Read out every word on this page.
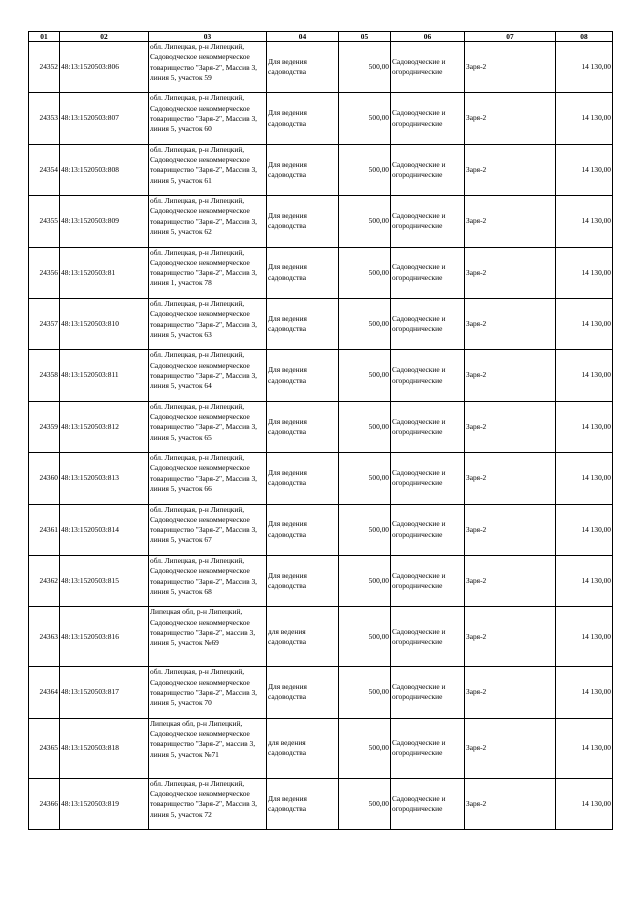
01	02	03	04	05	06	07	08
24352	48:13:1520503:806	обл. Липецкая, р-н Липецкий, Садоводческое некоммерческое товарищество "Заря-2", Массив 3, линия 5, участок 59	Для ведения садоводства	500,00	Садоводческие и огороднические	Заря-2	14 130,00
24353	48:13:1520503:807	обл. Липецкая, р-н Липецкий, Садоводческое некоммерческое товарищество "Заря-2", Массив 3, линия 5, участок 60	Для ведения садоводства	500,00	Садоводческие и огороднические	Заря-2	14 130,00
24354	48:13:1520503:808	обл. Липецкая, р-н Липецкий, Садоводческое некоммерческое товарищество "Заря-2", Массив 3, линия 5, участок 61	Для ведения садоводства	500,00	Садоводческие и огороднические	Заря-2	14 130,00
24355	48:13:1520503:809	обл. Липецкая, р-н Липецкий, Садоводческое некоммерческое товарищество "Заря-2", Массив 3, линия 5, участок 62	Для ведения садоводства	500,00	Садоводческие и огороднические	Заря-2	14 130,00
24356	48:13:1520503:81	обл. Липецкая, р-н Липецкий, Садоводческое некоммерческое товарищество "Заря-2", Массив 3, линия 1, участок 78	Для ведения садоводства	500,00	Садоводческие и огороднические	Заря-2	14 130,00
24357	48:13:1520503:810	обл. Липецкая, р-н Липецкий, Садоводческое некоммерческое товарищество "Заря-2", Массив 3, линия 5, участок 63	Для ведения садоводства	500,00	Садоводческие и огороднические	Заря-2	14 130,00
24358	48:13:1520503:811	обл. Липецкая, р-н Липецкий, Садоводческое некоммерческое товарищество "Заря-2", Массив 3, линия 5, участок 64	Для ведения садоводства	500,00	Садоводческие и огороднические	Заря-2	14 130,00
24359	48:13:1520503:812	обл. Липецкая, р-н Липецкий, Садоводческое некоммерческое товарищество "Заря-2", Массив 3, линия 5, участок 65	Для ведения садоводства	500,00	Садоводческие и огороднические	Заря-2	14 130,00
24360	48:13:1520503:813	обл. Липецкая, р-н Липецкий, Садоводческое некоммерческое товарищество "Заря-2", Массив 3, линия 5, участок 66	Для ведения садоводства	500,00	Садоводческие и огороднические	Заря-2	14 130,00
24361	48:13:1520503:814	обл. Липецкая, р-н Липецкий, Садоводческое некоммерческое товарищество "Заря-2", Массив 3, линия 5, участок 67	Для ведения садоводства	500,00	Садоводческие и огороднические	Заря-2	14 130,00
24362	48:13:1520503:815	обл. Липецкая, р-н Липецкий, Садоводческое некоммерческое товарищество "Заря-2", Массив 3, линия 5, участок 68	Для ведения садоводства	500,00	Садоводческие и огороднические	Заря-2	14 130,00
24363	48:13:1520503:816	Липецкая обл, р-н Липецкий, Садоводческое некоммерческое товарищество "Заря-2", массив 3, линия 5, участок №69	для ведения садоводства	500,00	Садоводческие и огороднические	Заря-2	14 130,00
24364	48:13:1520503:817	обл. Липецкая, р-н Липецкий, Садоводческое некоммерческое товарищество "Заря-2", Массив 3, линия 5, участок 70	Для ведения садоводства	500,00	Садоводческие и огороднические	Заря-2	14 130,00
24365	48:13:1520503:818	Липецкая обл, р-н Липецкий, Садоводческое некоммерческое товарищество "Заря-2", массив 3, линия 5, участок №71	для ведения садоводства	500,00	Садоводческие и огороднические	Заря-2	14 130,00
24366	48:13:1520503:819	обл. Липецкая, р-н Липецкий, Садоводческое некоммерческое товарищество "Заря-2", Массив 3, линия 5, участок 72	Для ведения садоводства	500,00	Садоводческие и огороднические	Заря-2	14 130,00
